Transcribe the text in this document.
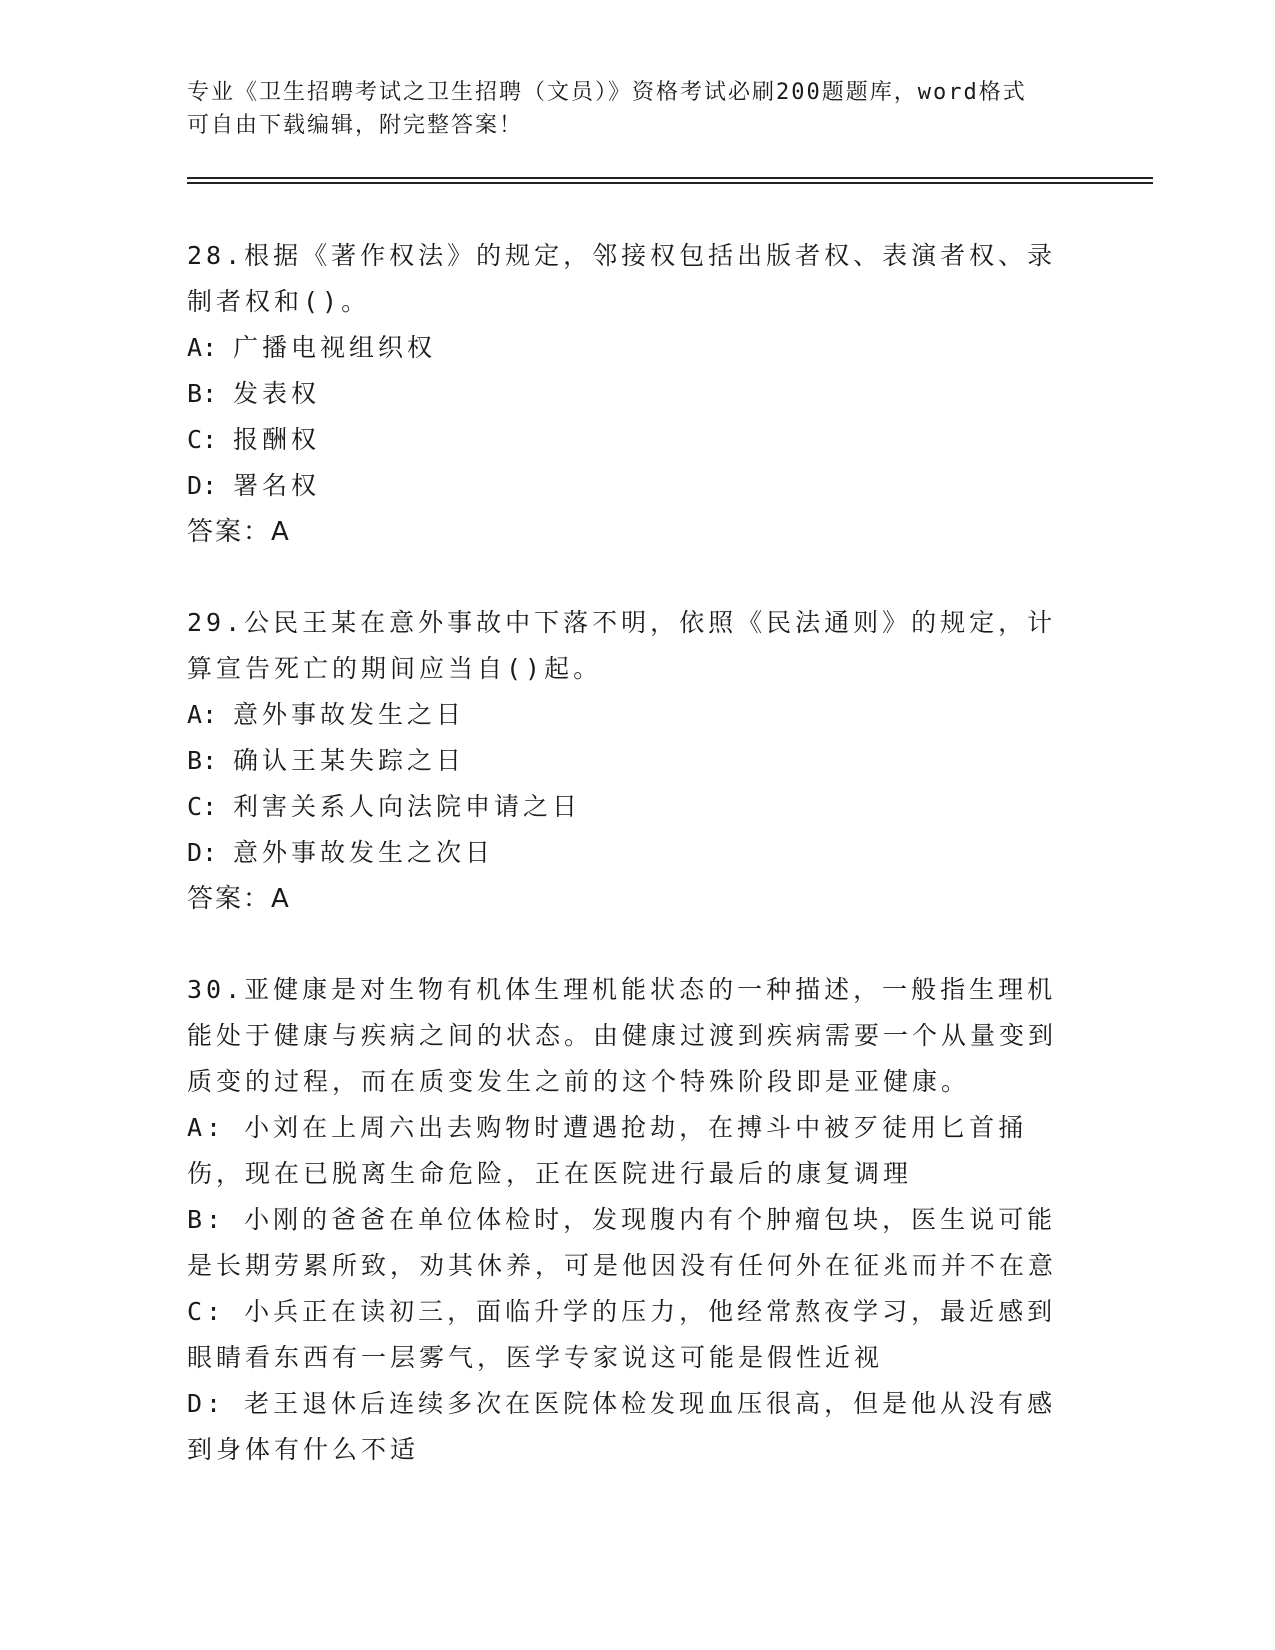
专业《卫生招聘考试之卫生招聘（文员）》资格考试必刷200题题库，word格式
可自由下载编辑，附完整答案！
28.根据《著作权法》的规定，邻接权包括出版者权、表演者权、录制者权和()。
A: 广播电视组织权
B: 发表权
C: 报酬权
D: 署名权
答案：A
29.公民王某在意外事故中下落不明，依照《民法通则》的规定，计算宣告死亡的期间应当自()起。
A: 意外事故发生之日
B: 确认王某失踪之日
C: 利害关系人向法院申请之日
D: 意外事故发生之次日
答案：A
30.亚健康是对生物有机体生理机能状态的一种描述，一般指生理机能处于健康与疾病之间的状态。由健康过渡到疾病需要一个从量变到质变的过程，而在质变发生之前的这个特殊阶段即是亚健康。
A: 小刘在上周六出去购物时遭遇抢劫，在搏斗中被歹徒用匕首捅伤，现在已脱离生命危险，正在医院进行最后的康复调理
B: 小刚的爸爸在单位体检时，发现腹内有个肿瘤包块，医生说可能是长期劳累所致，劝其休养，可是他因没有任何外在征兆而并不在意
C: 小兵正在读初三，面临升学的压力，他经常熬夜学习，最近感到眼睛看东西有一层雾气，医学专家说这可能是假性近视
D: 老王退休后连续多次在医院体检发现血压很高，但是他从没有感到身体有什么不适
